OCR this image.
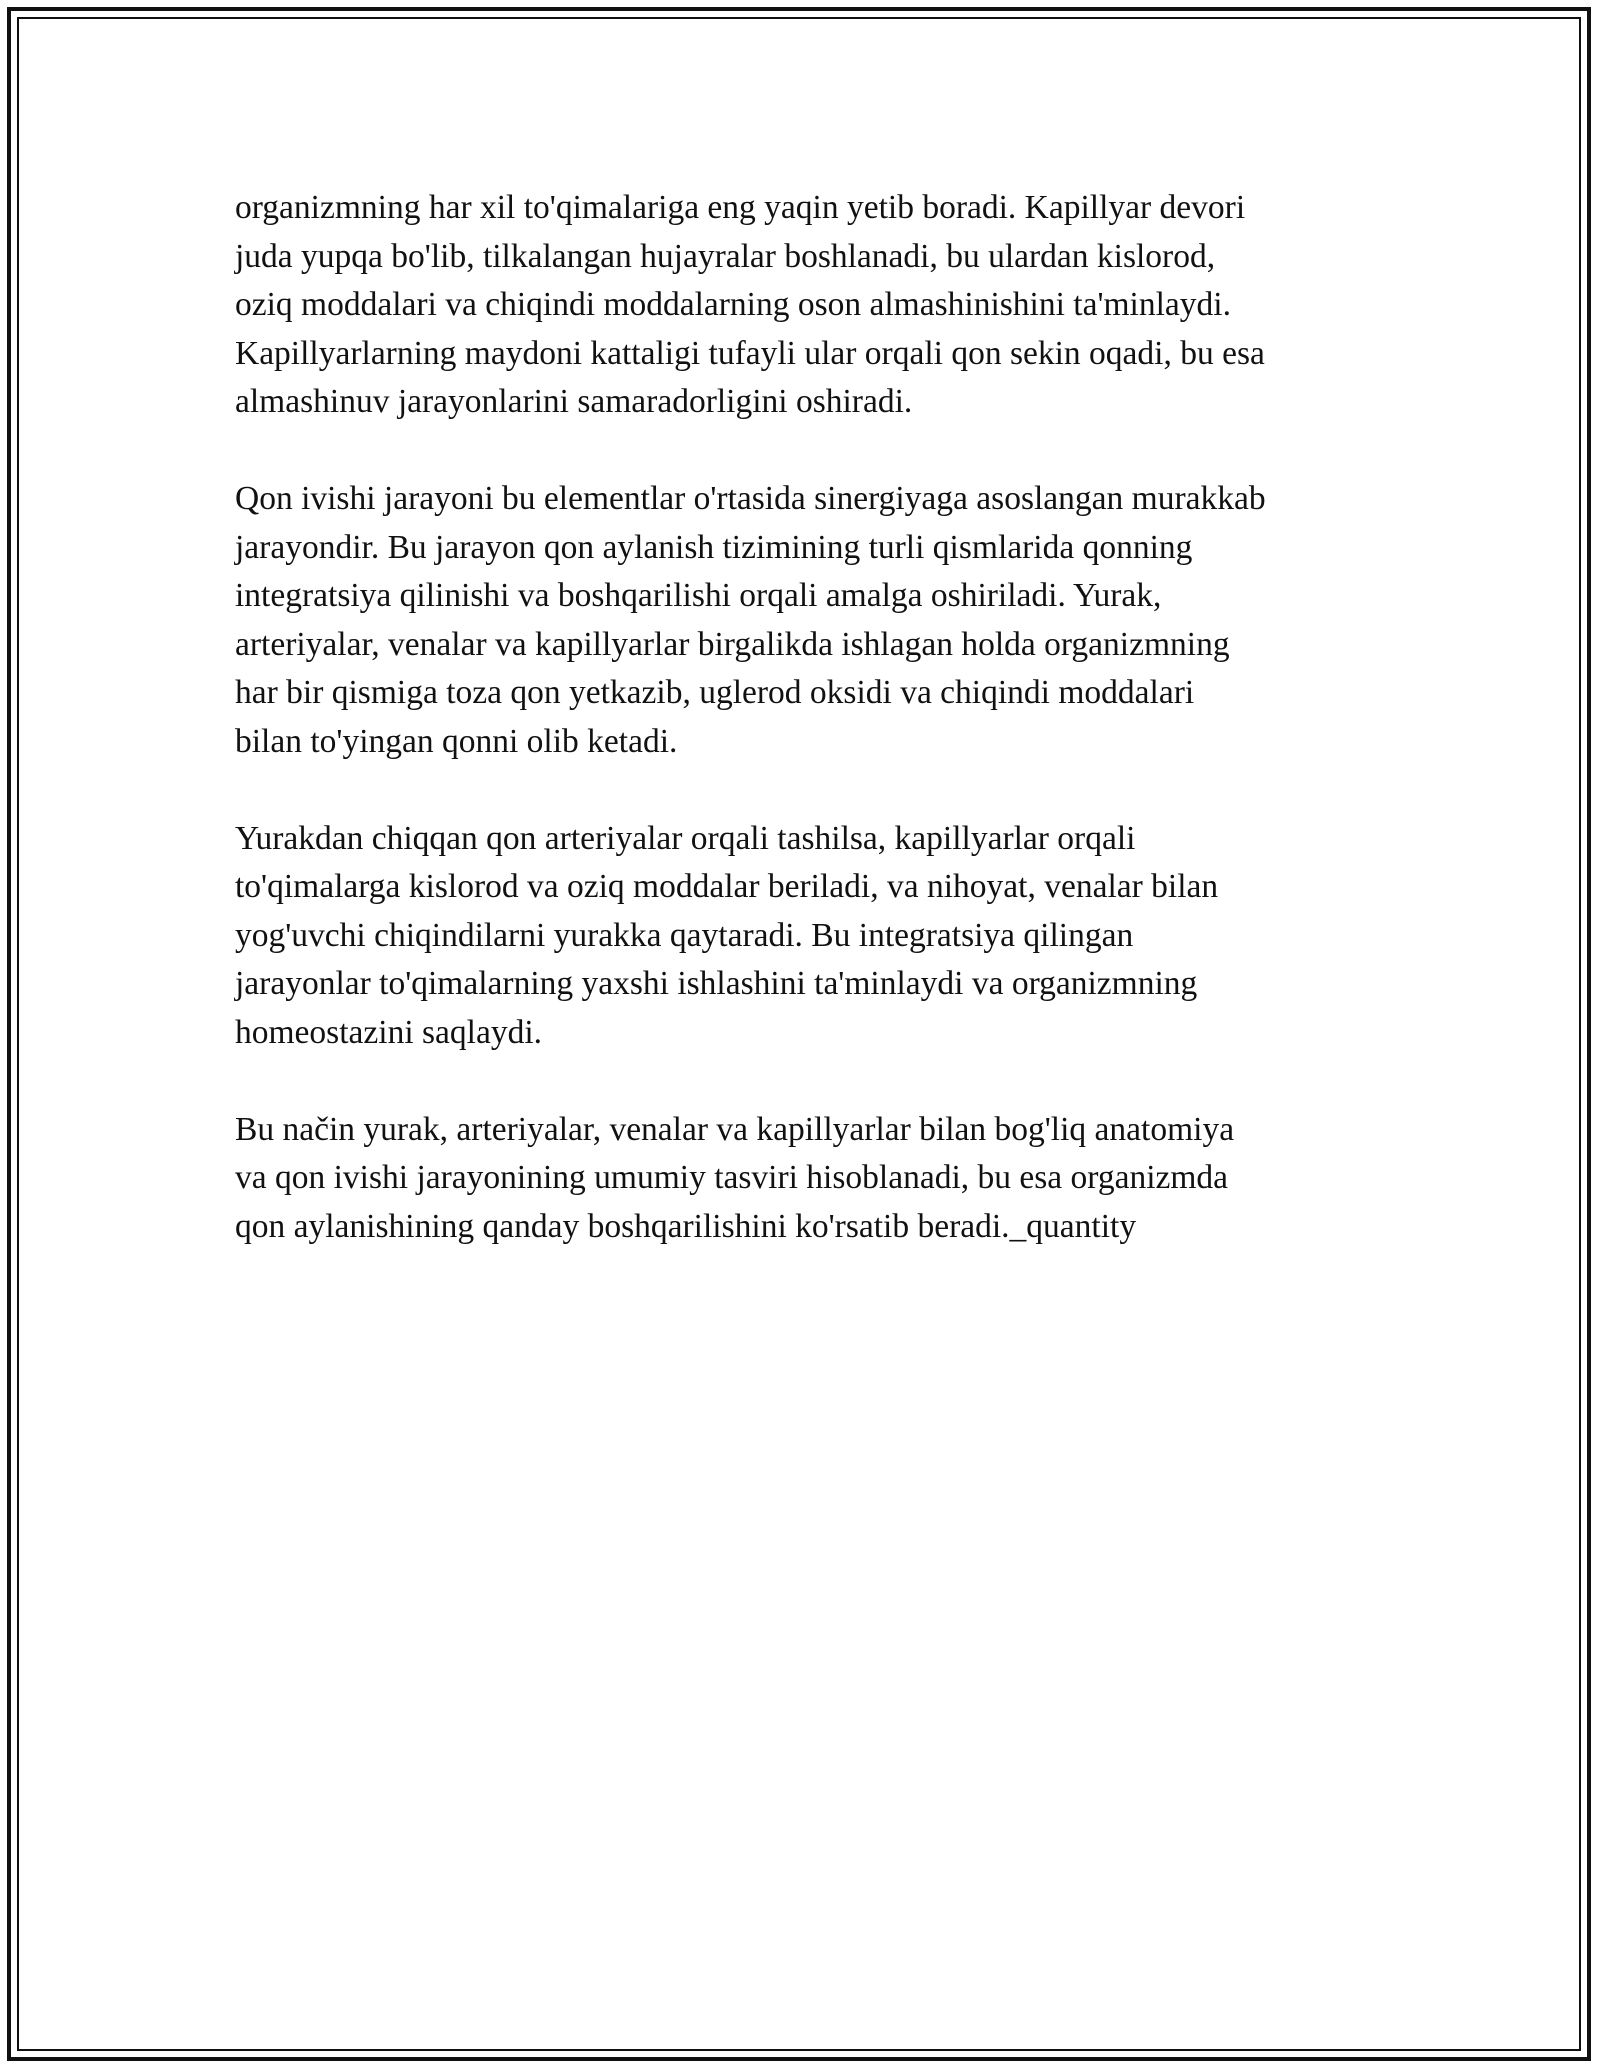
organizmning har xil to'qimalariga eng yaqin yetib boradi. Kapillyar devori
juda yupqa bo'lib, tilkalangan hujayralar boshlanadi, bu ulardan kislorod,
oziq moddalari va chiqindi moddalarning oson almashinishini ta'minlaydi.
Kapillyarlarning maydoni kattaligi tufayli ular orqali qon sekin oqadi, bu esa
almashinuv jarayonlarini samaradorligini oshiradi.

Qon ivishi jarayoni bu elementlar o'rtasida sinergiyaga asoslangan murakkab
jarayondir. Bu jarayon qon aylanish tizimining turli qismlarida qonning
integratsiya qilinishi va boshqarilishi orqali amalga oshiriladi. Yurak,
arteriyalar, venalar va kapillyarlar birgalikda ishlagan holda organizmning
har bir qismiga toza qon yetkazib, uglerod oksidi va chiqindi moddalari
bilan to'yingan qonni olib ketadi.

Yurakdan chiqqan qon arteriyalar orqali tashilsa, kapillyarlar orqali
to'qimalarga kislorod va oziq moddalar beriladi, va nihoyat, venalar bilan
yog'uvchi chiqindilarni yurakka qaytaradi. Bu integratsiya qilingan
jarayonlar to'qimalarning yaxshi ishlashini ta'minlaydi va organizmning
homeostazini saqlaydi.

Bu način yurak, arteriyalar, venalar va kapillyarlar bilan bog'liq anatomiya
va qon ivishi jarayonining umumiy tasviri hisoblanadi, bu esa organizmda
qon aylanishining qanday boshqarilishini ko'rsatib beradi._quantity
